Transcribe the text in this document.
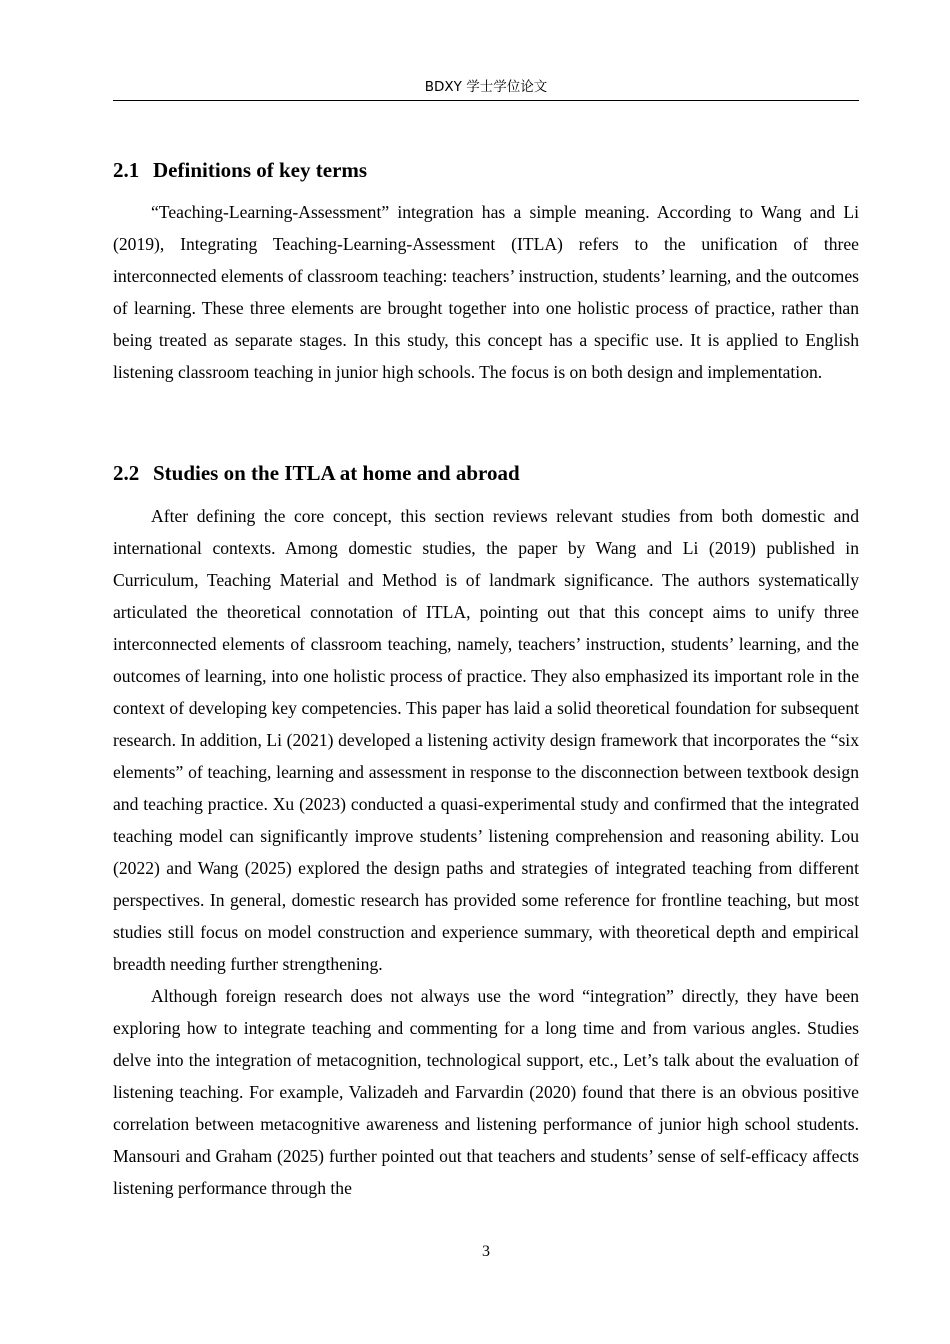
BDXY 学士学位论文
2.1 Definitions of key terms

“Teaching-Learning-Assessment” integration has a simple meaning. According to Wang and Li (2019), Integrating Teaching-Learning-Assessment (ITLA) refers to the unification of three interconnected elements of classroom teaching: teachers’ instruction, students’ learning, and the outcomes of learning. These three elements are brought together into one holistic process of practice, rather than being treated as separate stages. In this study, this concept has a specific use. It is applied to English listening classroom teaching in junior high schools. The focus is on both design and implementation.

2.2 Studies on the ITLA at home and abroad

After defining the core concept, this section reviews relevant studies from both domestic and international contexts. Among domestic studies, the paper by Wang and Li (2019) published in Curriculum, Teaching Material and Method is of landmark significance. The authors systematically articulated the theoretical connotation of ITLA, pointing out that this concept aims to unify three interconnected elements of classroom teaching, namely, teachers’ instruction, students’ learning, and the outcomes of learning, into one holistic process of practice. They also emphasized its important role in the context of developing key competencies. This paper has laid a solid theoretical foundation for subsequent research. In addition, Li (2021) developed a listening activity design framework that incorporates the “six elements” of teaching, learning and assessment in response to the disconnection between textbook design and teaching practice. Xu (2023) conducted a quasi-experimental study and confirmed that the integrated teaching model can significantly improve students’ listening comprehension and reasoning ability. Lou (2022) and Wang (2025) explored the design paths and strategies of integrated teaching from different perspectives. In general, domestic research has provided some reference for frontline teaching, but most studies still focus on model construction and experience summary, with theoretical depth and empirical breadth needing further strengthening.

Although foreign research does not always use the word “integration” directly, they have been exploring how to integrate teaching and commenting for a long time and from various angles. Studies delve into the integration of metacognition, technological support, etc., Let’s talk about the evaluation of listening teaching. For example, Valizadeh and Farvardin (2020) found that there is an obvious positive correlation between metacognitive awareness and listening performance of junior high school students. Mansouri and Graham (2025) further pointed out that teachers and students’ sense of self-efficacy affects listening performance through the

3
